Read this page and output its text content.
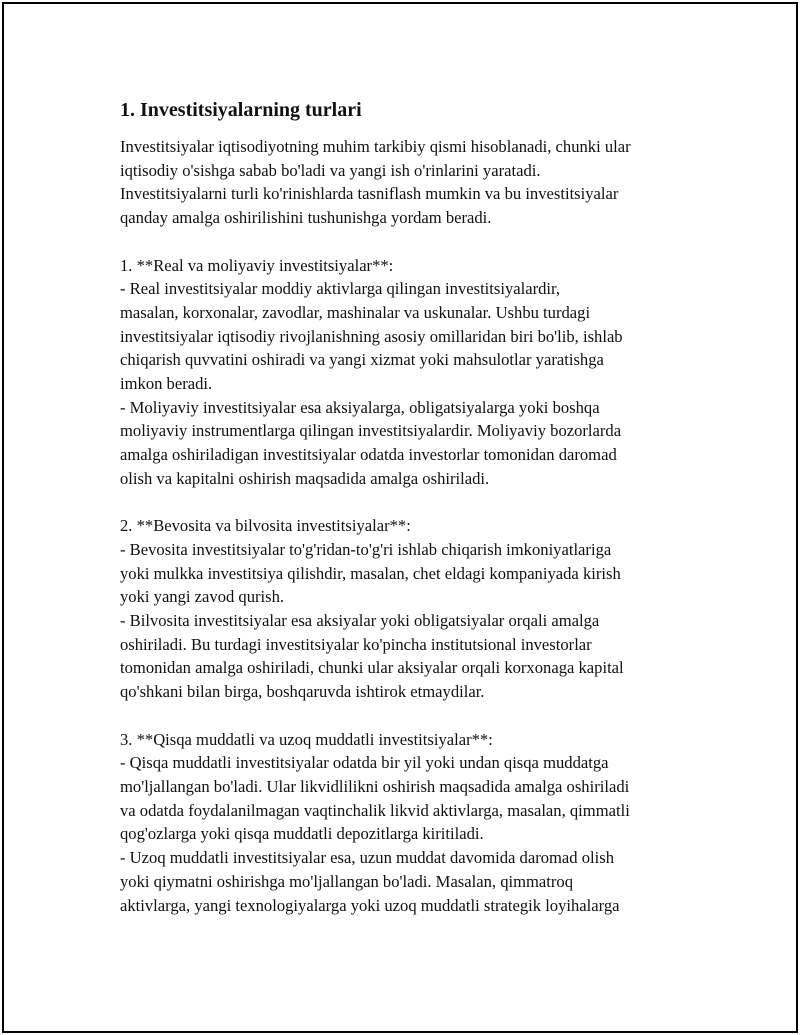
1. Investitsiyalarning turlari

Investitsiyalar iqtisodiyotning muhim tarkibiy qismi hisoblanadi, chunki ular
iqtisodiy o'sishga sabab bo'ladi va yangi ish o'rinlarini yaratadi.
Investitsiyalarni turli ko'rinishlarda tasniflash mumkin va bu investitsiyalar
qanday amalga oshirilishini tushunishga yordam beradi.

1. **Real va moliyaviy investitsiyalar**:
- Real investitsiyalar moddiy aktivlarga qilingan investitsiyalardir,
masalan, korxonalar, zavodlar, mashinalar va uskunalar. Ushbu turdagi
investitsiyalar iqtisodiy rivojlanishning asosiy omillaridan biri bo'lib, ishlab
chiqarish quvvatini oshiradi va yangi xizmat yoki mahsulotlar yaratishga
imkon beradi.
- Moliyaviy investitsiyalar esa aksiyalarga, obligatsiyalarga yoki boshqa
moliyaviy instrumentlarga qilingan investitsiyalardir. Moliyaviy bozorlarda
amalga oshiriladigan investitsiyalar odatda investorlar tomonidan daromad
olish va kapitalni oshirish maqsadida amalga oshiriladi.

2. **Bevosita va bilvosita investitsiyalar**:
- Bevosita investitsiyalar to'g'ridan-to'g'ri ishlab chiqarish imkoniyatlariga
yoki mulkka investitsiya qilishdir, masalan, chet eldagi kompaniyada kirish
yoki yangi zavod qurish.
- Bilvosita investitsiyalar esa aksiyalar yoki obligatsiyalar orqali amalga
oshiriladi. Bu turdagi investitsiyalar ko'pincha institutsional investorlar
tomonidan amalga oshiriladi, chunki ular aksiyalar orqali korxonaga kapital
qo'shkani bilan birga, boshqaruvda ishtirok etmaydilar.

3. **Qisqa muddatli va uzoq muddatli investitsiyalar**:
- Qisqa muddatli investitsiyalar odatda bir yil yoki undan qisqa muddatga
mo'ljallangan bo'ladi. Ular likvidlilikni oshirish maqsadida amalga oshiriladi
va odatda foydalanilmagan vaqtinchalik likvid aktivlarga, masalan, qimmatli
qog'ozlarga yoki qisqa muddatli depozitlarga kiritiladi.
- Uzoq muddatli investitsiyalar esa, uzun muddat davomida daromad olish
yoki qiymatni oshirishga mo'ljallangan bo'ladi. Masalan, qimmatroq
aktivlarga, yangi texnologiyalarga yoki uzoq muddatli strategik loyihalarga
